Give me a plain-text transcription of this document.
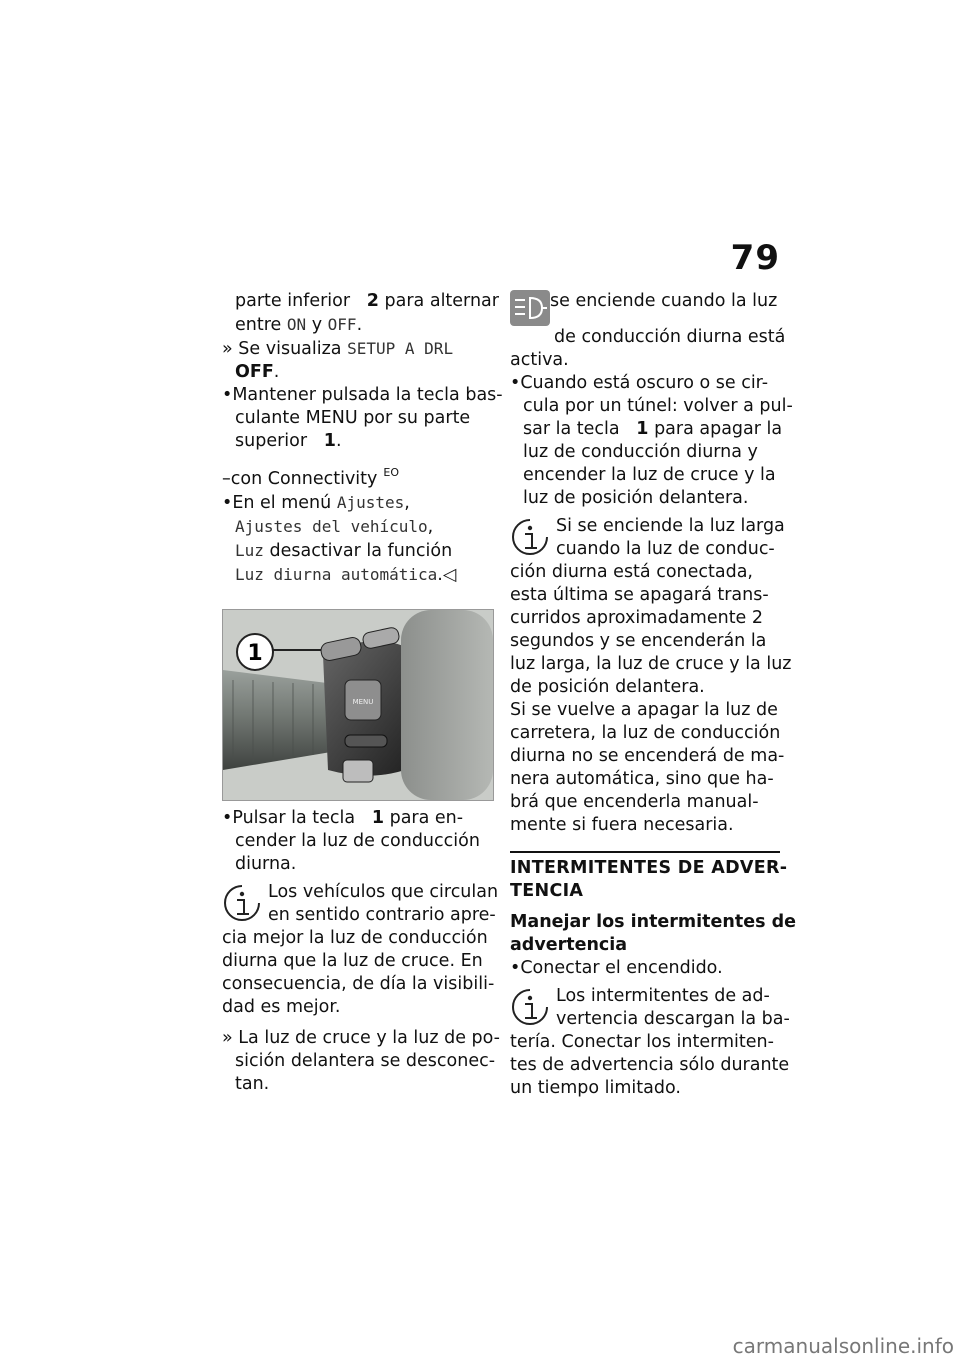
79
parte inferior 2 para alternar
entre ON y OFF.
» Se visualiza SETUP A DRL
OFF.
•Mantener pulsada la tecla bas-
culante MENU por su parte
superior 1.
–con Connectivity $^{EO}$
•En el menú Ajustes,
Ajustes del vehículo,
Luz desactivar la función
Luz diurna automática.◁
MENU
1
•Pulsar la tecla 1 para en-
cender la luz de conducción
diurna.
Los vehículos que circulan
en sentido contrario apre-
cia mejor la luz de conducción
diurna que la luz de cruce. En
consecuencia, de día la visibili-
dad es mejor.
» La luz de cruce y la luz de po-
sición delantera se desconec-
tan.
se enciende cuando la luz
de conducción diurna está
activa.
•Cuando está oscuro o se cir-
cula por un túnel: volver a pul-
sar la tecla 1 para apagar la
luz de conducción diurna y
encender la luz de cruce y la
luz de posición delantera.
Si se enciende la luz larga
cuando la luz de conduc-
ción diurna está conectada,
esta última se apagará trans-
curridos aproximadamente 2
segundos y se encenderán la
luz larga, la luz de cruce y la luz
de posición delantera.
Si se vuelve a apagar la luz de
carretera, la luz de conducción
diurna no se encenderá de ma-
nera automática, sino que ha-
brá que encenderla manual-
mente si fuera necesaria.
INTERMITENTES DE ADVER-
TENCIA
Manejar los intermitentes de
advertencia
•Conectar el encendido.
Los intermitentes de ad-
vertencia descargan la ba-
tería. Conectar los intermiten-
tes de advertencia sólo durante
un tiempo limitado.
carmanualsonline.info
